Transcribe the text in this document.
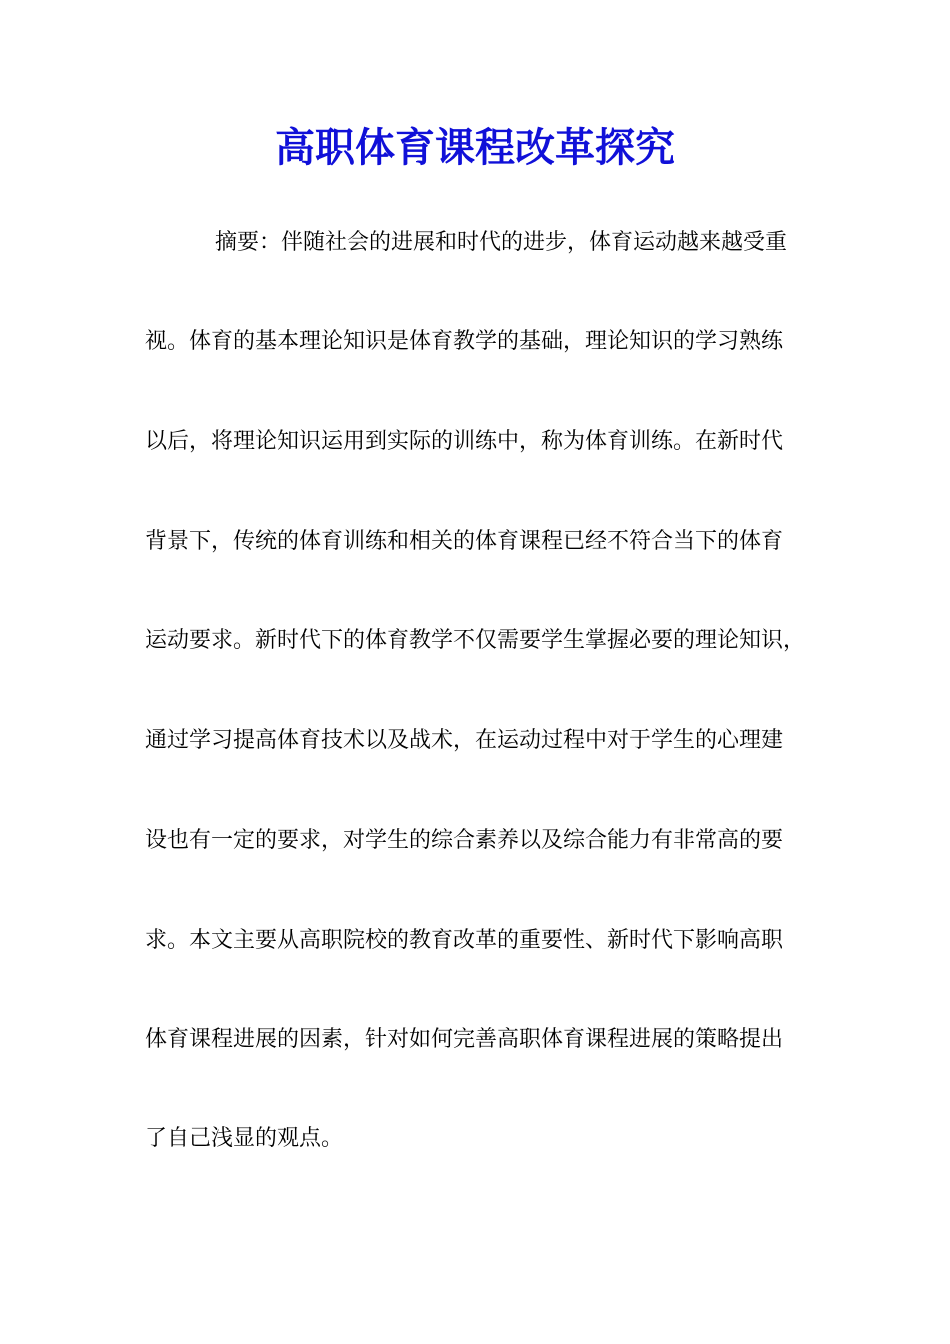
高职体育课程改革探究
摘要：伴随社会的进展和时代的进步，体育运动越来越受重
视。体育的基本理论知识是体育教学的基础，理论知识的学习熟练
以后，将理论知识运用到实际的训练中，称为体育训练。在新时代
背景下，传统的体育训练和相关的体育课程已经不符合当下的体育
运动要求。新时代下的体育教学不仅需要学生掌握必要的理论知识，
通过学习提高体育技术以及战术，在运动过程中对于学生的心理建
设也有一定的要求，对学生的综合素养以及综合能力有非常高的要
求。本文主要从高职院校的教育改革的重要性、新时代下影响高职
体育课程进展的因素，针对如何完善高职体育课程进展的策略提出
了自己浅显的观点。
